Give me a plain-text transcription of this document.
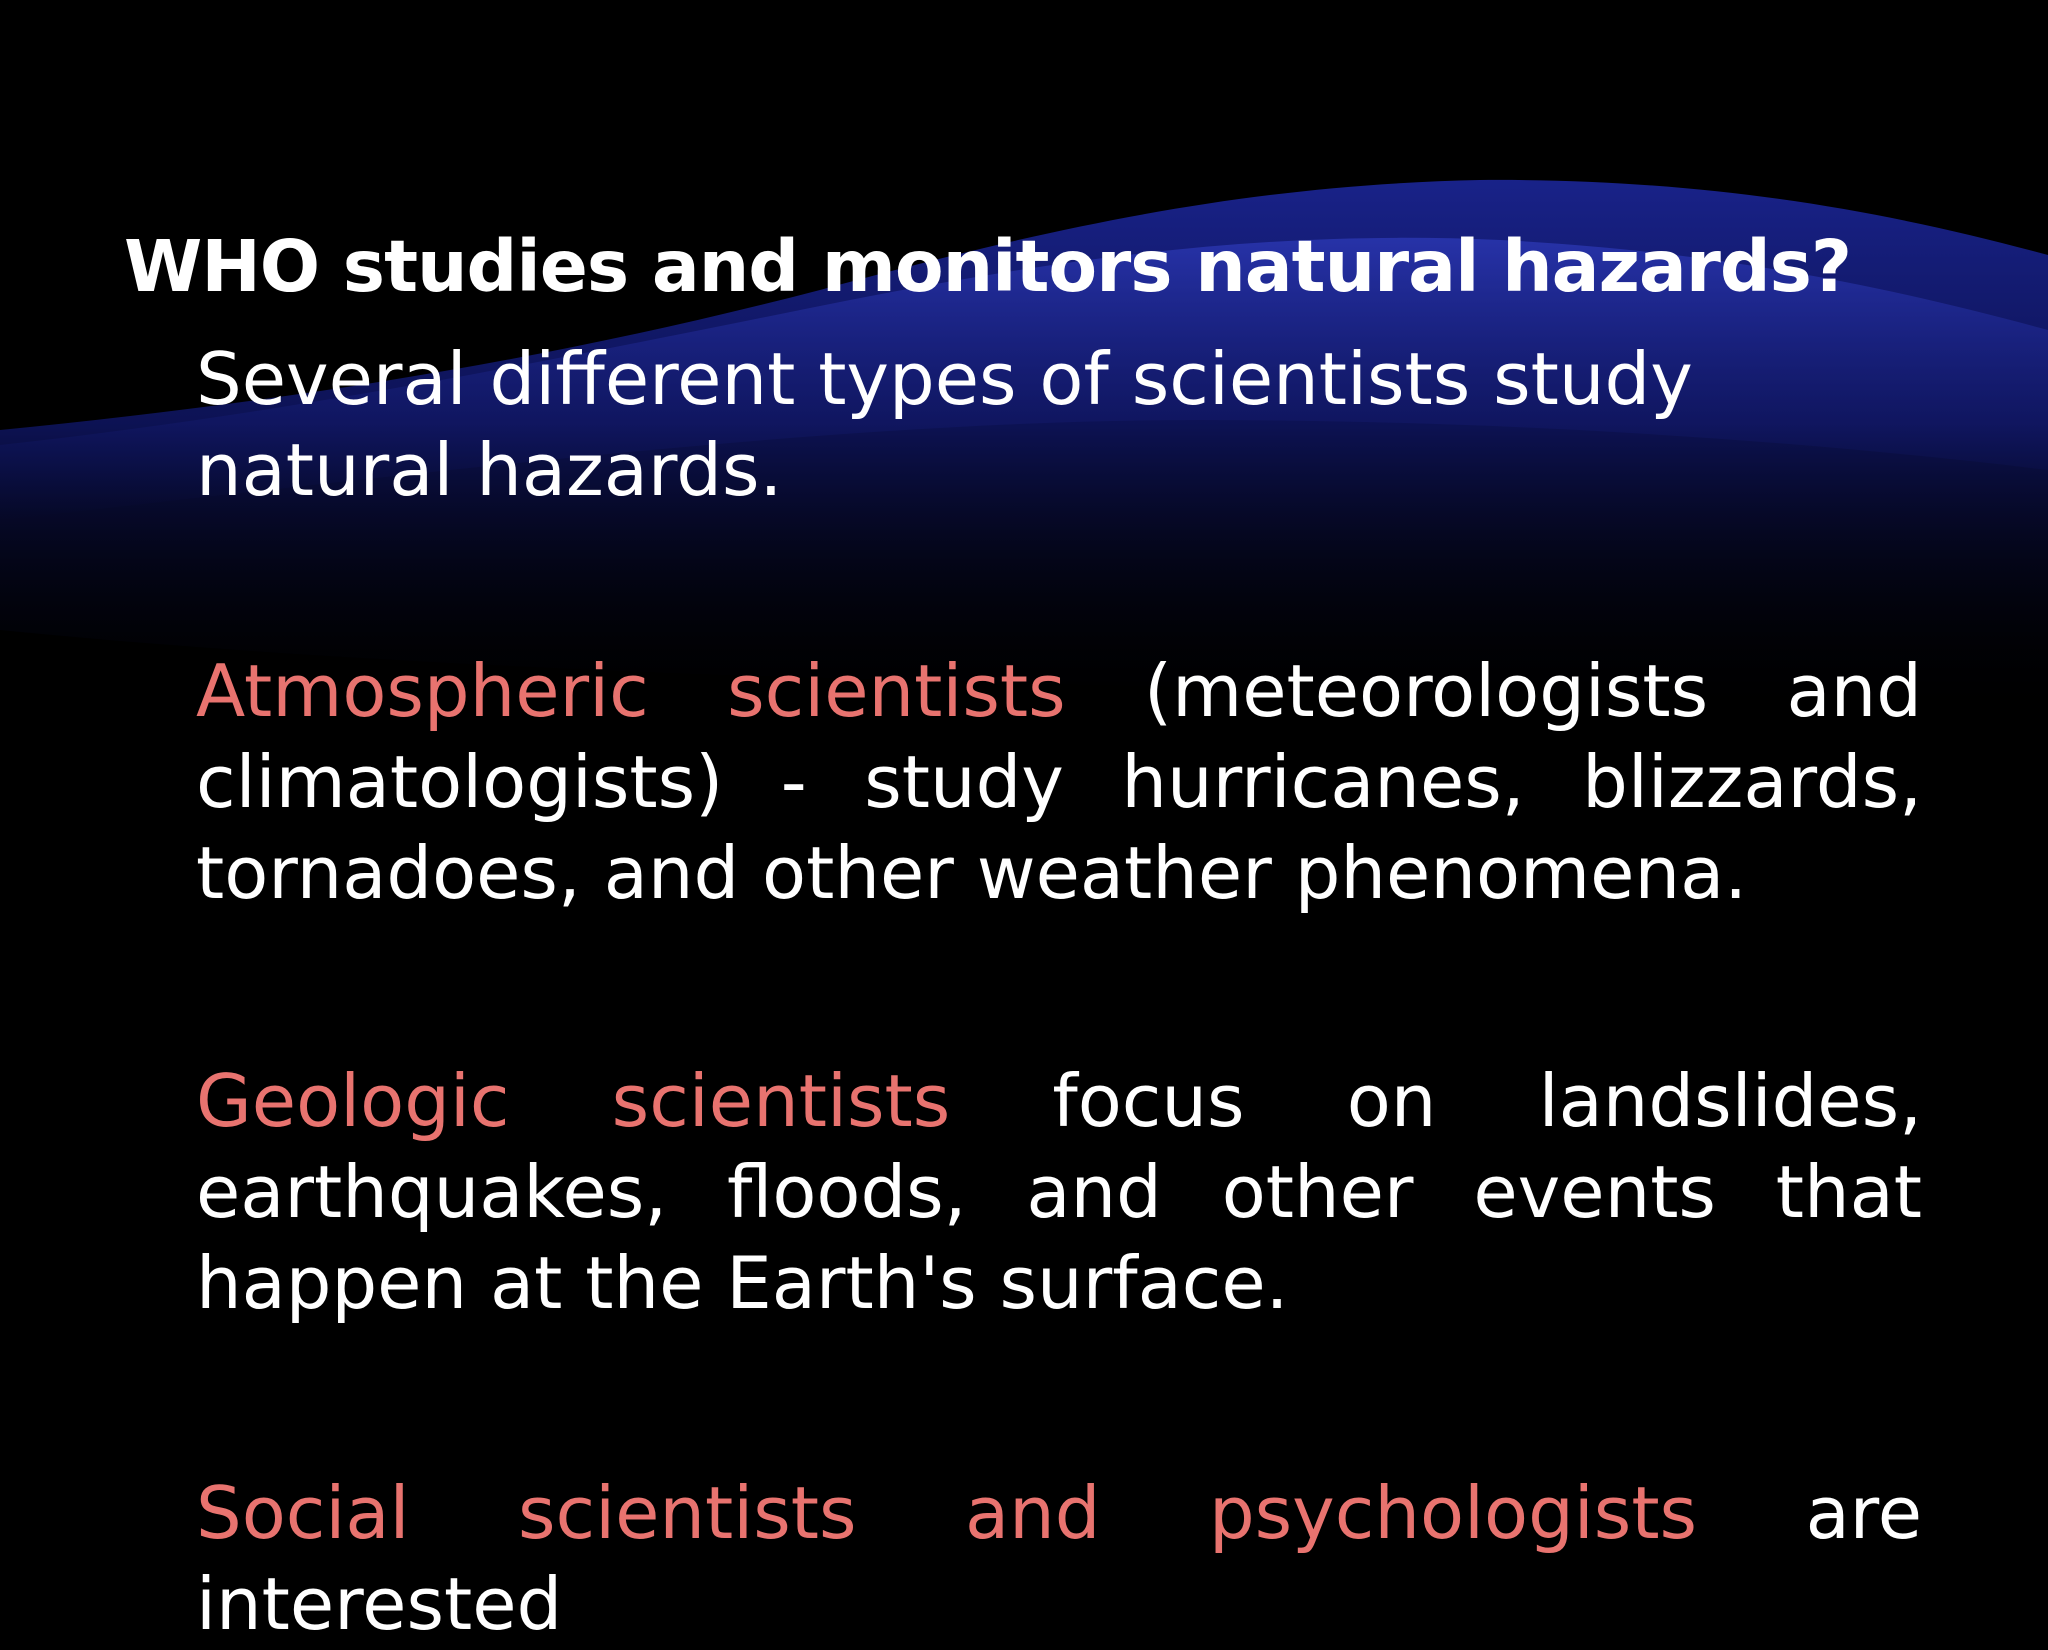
WHO studies and monitors natural hazards?

Several different types of scientists study natural hazards.

Atmospheric scientists (meteorologists and climatologists) - study hurricanes, blizzards, tornadoes, and other weather phenomena.

Geologic scientists focus on landslides, earthquakes, floods, and other events that happen at the Earth's surface.

Social scientists and psychologists are interested
